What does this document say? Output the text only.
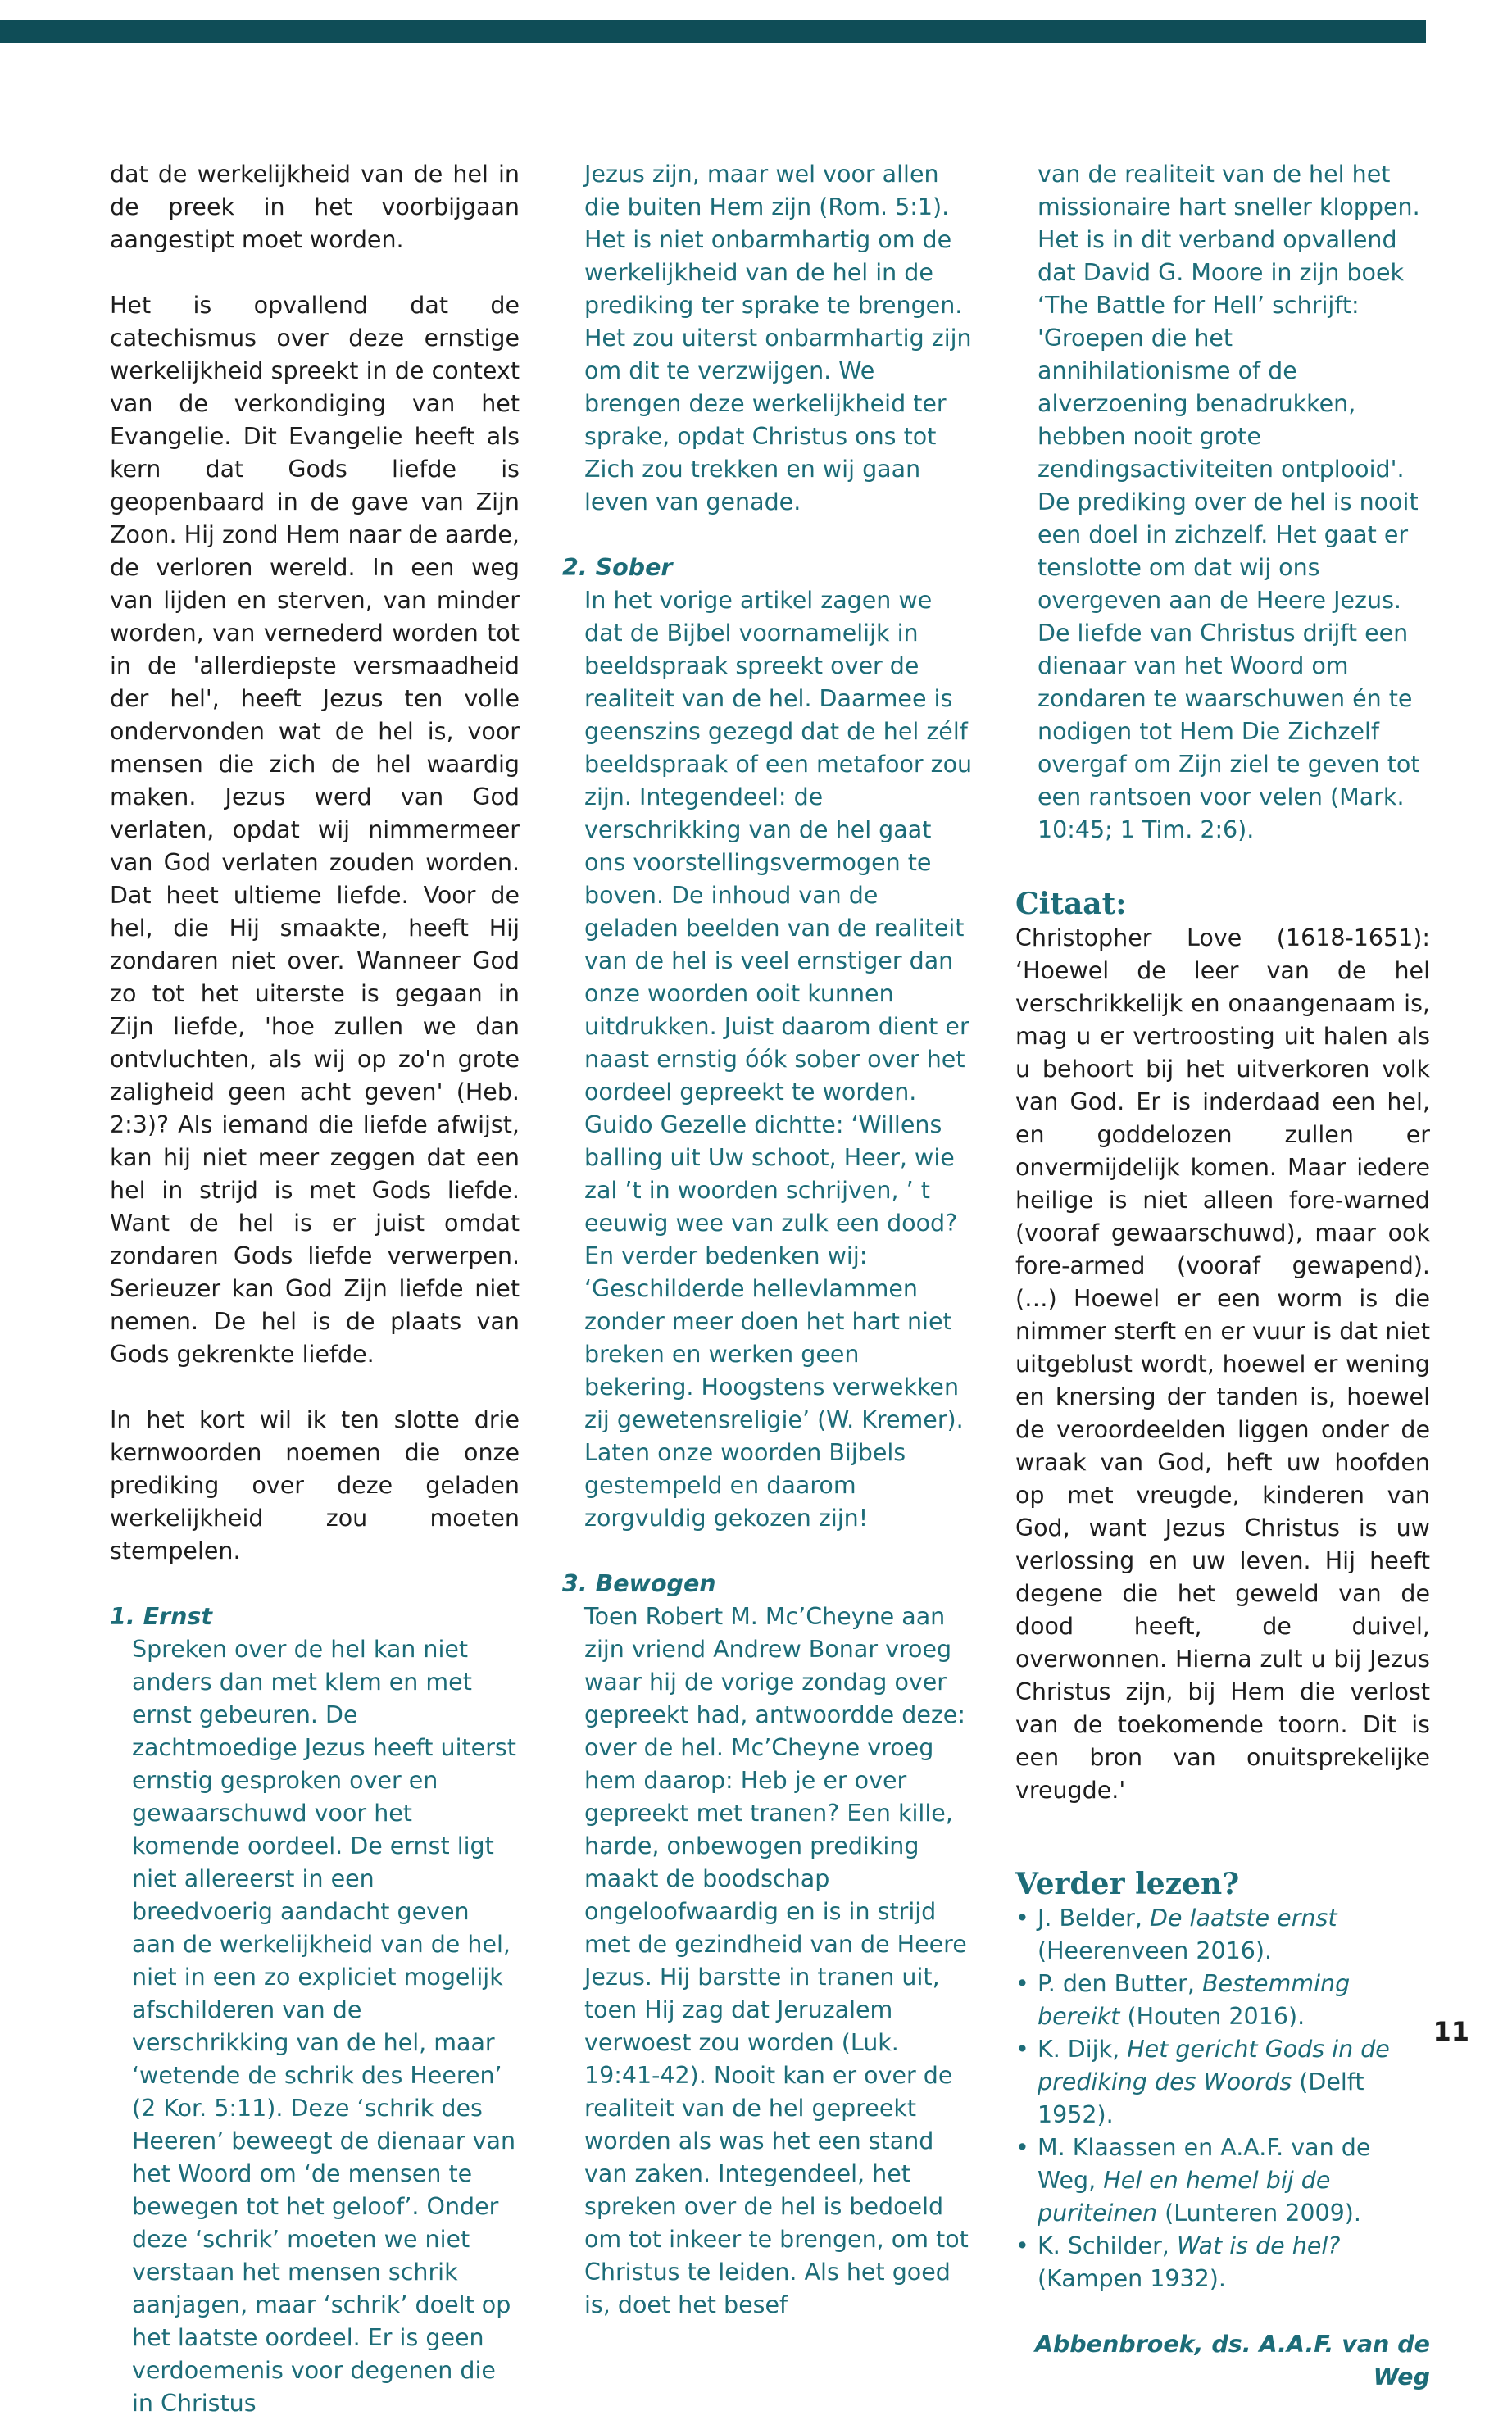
dat de werkelijkheid van de hel in de preek in het voorbijgaan aangestipt moet worden.

Het is opvallend dat de catechismus over deze ernstige werkelijkheid spreekt in de context van de verkondiging van het Evangelie. Dit Evangelie heeft als kern dat Gods liefde is geopenbaard in de gave van Zijn Zoon. Hij zond Hem naar de aarde, de verloren wereld. In een weg van lijden en sterven, van minder worden, van vernederd worden tot in de 'allerdiepste versmaadheid der hel', heeft Jezus ten volle ondervonden wat de hel is, voor mensen die zich de hel waardig maken. Jezus werd van God verlaten, opdat wij nimmermeer van God verlaten zouden worden. Dat heet ultieme liefde. Voor de hel, die Hij smaakte, heeft Hij zondaren niet over. Wanneer God zo tot het uiterste is gegaan in Zijn liefde, 'hoe zullen we dan ontvluchten, als wij op zo'n grote zaligheid geen acht geven' (Heb. 2:3)? Als iemand die liefde afwijst, kan hij niet meer zeggen dat een hel in strijd is met Gods liefde. Want de hel is er juist omdat zondaren Gods liefde verwerpen. Serieuzer kan God Zijn liefde niet nemen. De hel is de plaats van Gods gekrenkte liefde.

In het kort wil ik ten slotte drie kernwoorden noemen die onze prediking over deze geladen werkelijkheid zou moeten stempelen.

1. Ernst

Spreken over de hel kan niet anders dan met klem en met ernst gebeuren. De zachtmoedige Jezus heeft uiterst ernstig gesproken over en gewaarschuwd voor het komende oordeel. De ernst ligt niet allereerst in een breedvoerig aandacht geven aan de werkelijkheid van de hel, niet in een zo expliciet mogelijk afschilderen van de verschrikking van de hel, maar ‘wetende de schrik des Heeren’ (2 Kor. 5:11). Deze ‘schrik des Heeren’ beweegt de dienaar van het Woord om ‘de mensen te bewegen tot het geloof’. Onder deze ‘schrik’ moeten we niet verstaan het mensen schrik aanjagen, maar ‘schrik’ doelt op het laatste oordeel. Er is geen verdoemenis voor degenen die in Christus

Jezus zijn, maar wel voor allen die buiten Hem zijn (Rom. 5:1). Het is niet onbarmhartig om de werkelijkheid van de hel in de prediking ter sprake te brengen. Het zou uiterst onbarmhartig zijn om dit te verzwijgen. We brengen deze werkelijkheid ter sprake, opdat Christus ons tot Zich zou trekken en wij gaan leven van genade.

2. Sober

In het vorige artikel zagen we dat de Bijbel voornamelijk in beeldspraak spreekt over de realiteit van de hel. Daarmee is geenszins gezegd dat de hel zélf beeldspraak of een metafoor zou zijn. Integendeel: de verschrikking van de hel gaat ons voorstellingsvermogen te boven. De inhoud van de geladen beelden van de realiteit van de hel is veel ernstiger dan onze woorden ooit kunnen uitdrukken. Juist daarom dient er naast ernstig óók sober over het oordeel gepreekt te worden. Guido Gezelle dichtte: ‘Willens balling uit Uw schoot, Heer, wie zal ’t in woorden schrijven, ’ t eeuwig wee van zulk een dood? En verder bedenken wij: ‘Geschilderde hellevlammen zonder meer doen het hart niet breken en werken geen bekering. Hoogstens verwekken zij gewetensreligie’ (W. Kremer).

Laten onze woorden Bijbels gestempeld en daarom zorgvuldig gekozen zijn!

3. Bewogen

Toen Robert M. Mc’Cheyne aan zijn vriend Andrew Bonar vroeg waar hij de vorige zondag over gepreekt had, antwoordde deze: over de hel. Mc’Cheyne vroeg hem daarop: Heb je er over gepreekt met tranen? Een kille, harde, onbewogen prediking maakt de boodschap ongeloofwaardig en is in strijd met de gezindheid van de Heere Jezus. Hij barstte in tranen uit, toen Hij zag dat Jeruzalem verwoest zou worden (Luk. 19:41-42). Nooit kan er over de realiteit van de hel gepreekt worden als was het een stand van zaken. Integendeel, het spreken over de hel is bedoeld om tot inkeer te brengen, om tot Christus te leiden. Als het goed is, doet het besef

van de realiteit van de hel het missionaire hart sneller kloppen. Het is in dit verband opvallend dat David G. Moore in zijn boek ‘The Battle for Hell’ schrijft: 'Groepen die het annihilationisme of de alverzoening benadrukken, hebben nooit grote zendingsactiviteiten ontplooid'. De prediking over de hel is nooit een doel in zichzelf. Het gaat er tenslotte om dat wij ons overgeven aan de Heere Jezus. De liefde van Christus drijft een dienaar van het Woord om zondaren te waarschuwen én te nodigen tot Hem Die Zichzelf overgaf om Zijn ziel te geven tot een rantsoen voor velen (Mark. 10:45; 1 Tim. 2:6).

Citaat:

Christopher Love (1618-1651): ‘Hoewel de leer van de hel verschrikkelijk en onaangenaam is, mag u er vertroosting uit halen als u behoort bij het uitverkoren volk van God. Er is inderdaad een hel, en goddelozen zullen er onvermijdelijk komen. Maar iedere heilige is niet alleen fore-warned (vooraf gewaarschuwd), maar ook fore-armed (vooraf gewapend). (…) Hoewel er een worm is die nimmer sterft en er vuur is dat niet uitgeblust wordt, hoewel er wening en knersing der tanden is, hoewel de veroordeelden liggen onder de wraak van God, heft uw hoofden op met vreugde, kinderen van God, want Jezus Christus is uw verlossing en uw leven. Hij heeft degene die het geweld van de dood heeft, de duivel, overwonnen. Hierna zult u bij Jezus Christus zijn, bij Hem die verlost van de toekomende toorn. Dit is een bron van onuitsprekelijke vreugde.'

Verder lezen?

• J. Belder, De laatste ernst (Heerenveen 2016).
• P. den Butter, Bestemming bereikt (Houten 2016).
• K. Dijk, Het gericht Gods in de prediking des Woords (Delft 1952).
• M. Klaassen en A.A.F. van de Weg, Hel en hemel bij de puriteinen (Lunteren 2009).
• K. Schilder, Wat is de hel? (Kampen 1932).

Abbenbroek, ds. A.A.F. van de Weg

11
